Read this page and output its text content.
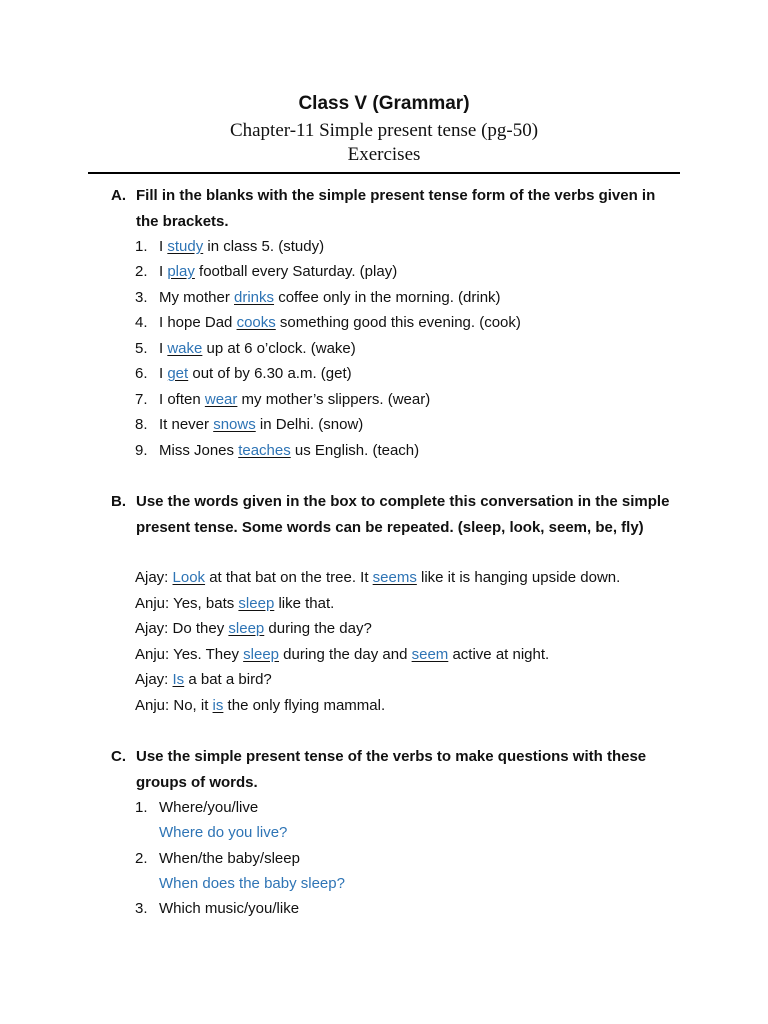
Class V (Grammar)
Chapter-11 Simple present tense (pg-50)
Exercises
A. Fill in the blanks with the simple present tense form of the verbs given in the brackets.
1. I study in class 5. (study)
2. I play football every Saturday. (play)
3. My mother drinks coffee only in the morning. (drink)
4. I hope Dad cooks something good this evening. (cook)
5. I wake up at 6 o’clock. (wake)
6. I get out of by 6.30 a.m. (get)
7. I often wear my mother’s slippers. (wear)
8. It never snows in Delhi. (snow)
9. Miss Jones teaches us English. (teach)
B. Use the words given in the box to complete this conversation in the simple present tense. Some words can be repeated. (sleep, look, seem, be, fly)
Ajay: Look at that bat on the tree. It seems like it is hanging upside down.
Anju: Yes, bats sleep like that.
Ajay: Do they sleep during the day?
Anju: Yes. They sleep during the day and seem active at night.
Ajay: Is a bat a bird?
Anju: No, it is the only flying mammal.
C. Use the simple present tense of the verbs to make questions with these groups of words.
1. Where/you/live
Where do you live?
2. When/the baby/sleep
When does the baby sleep?
3. Which music/you/like
